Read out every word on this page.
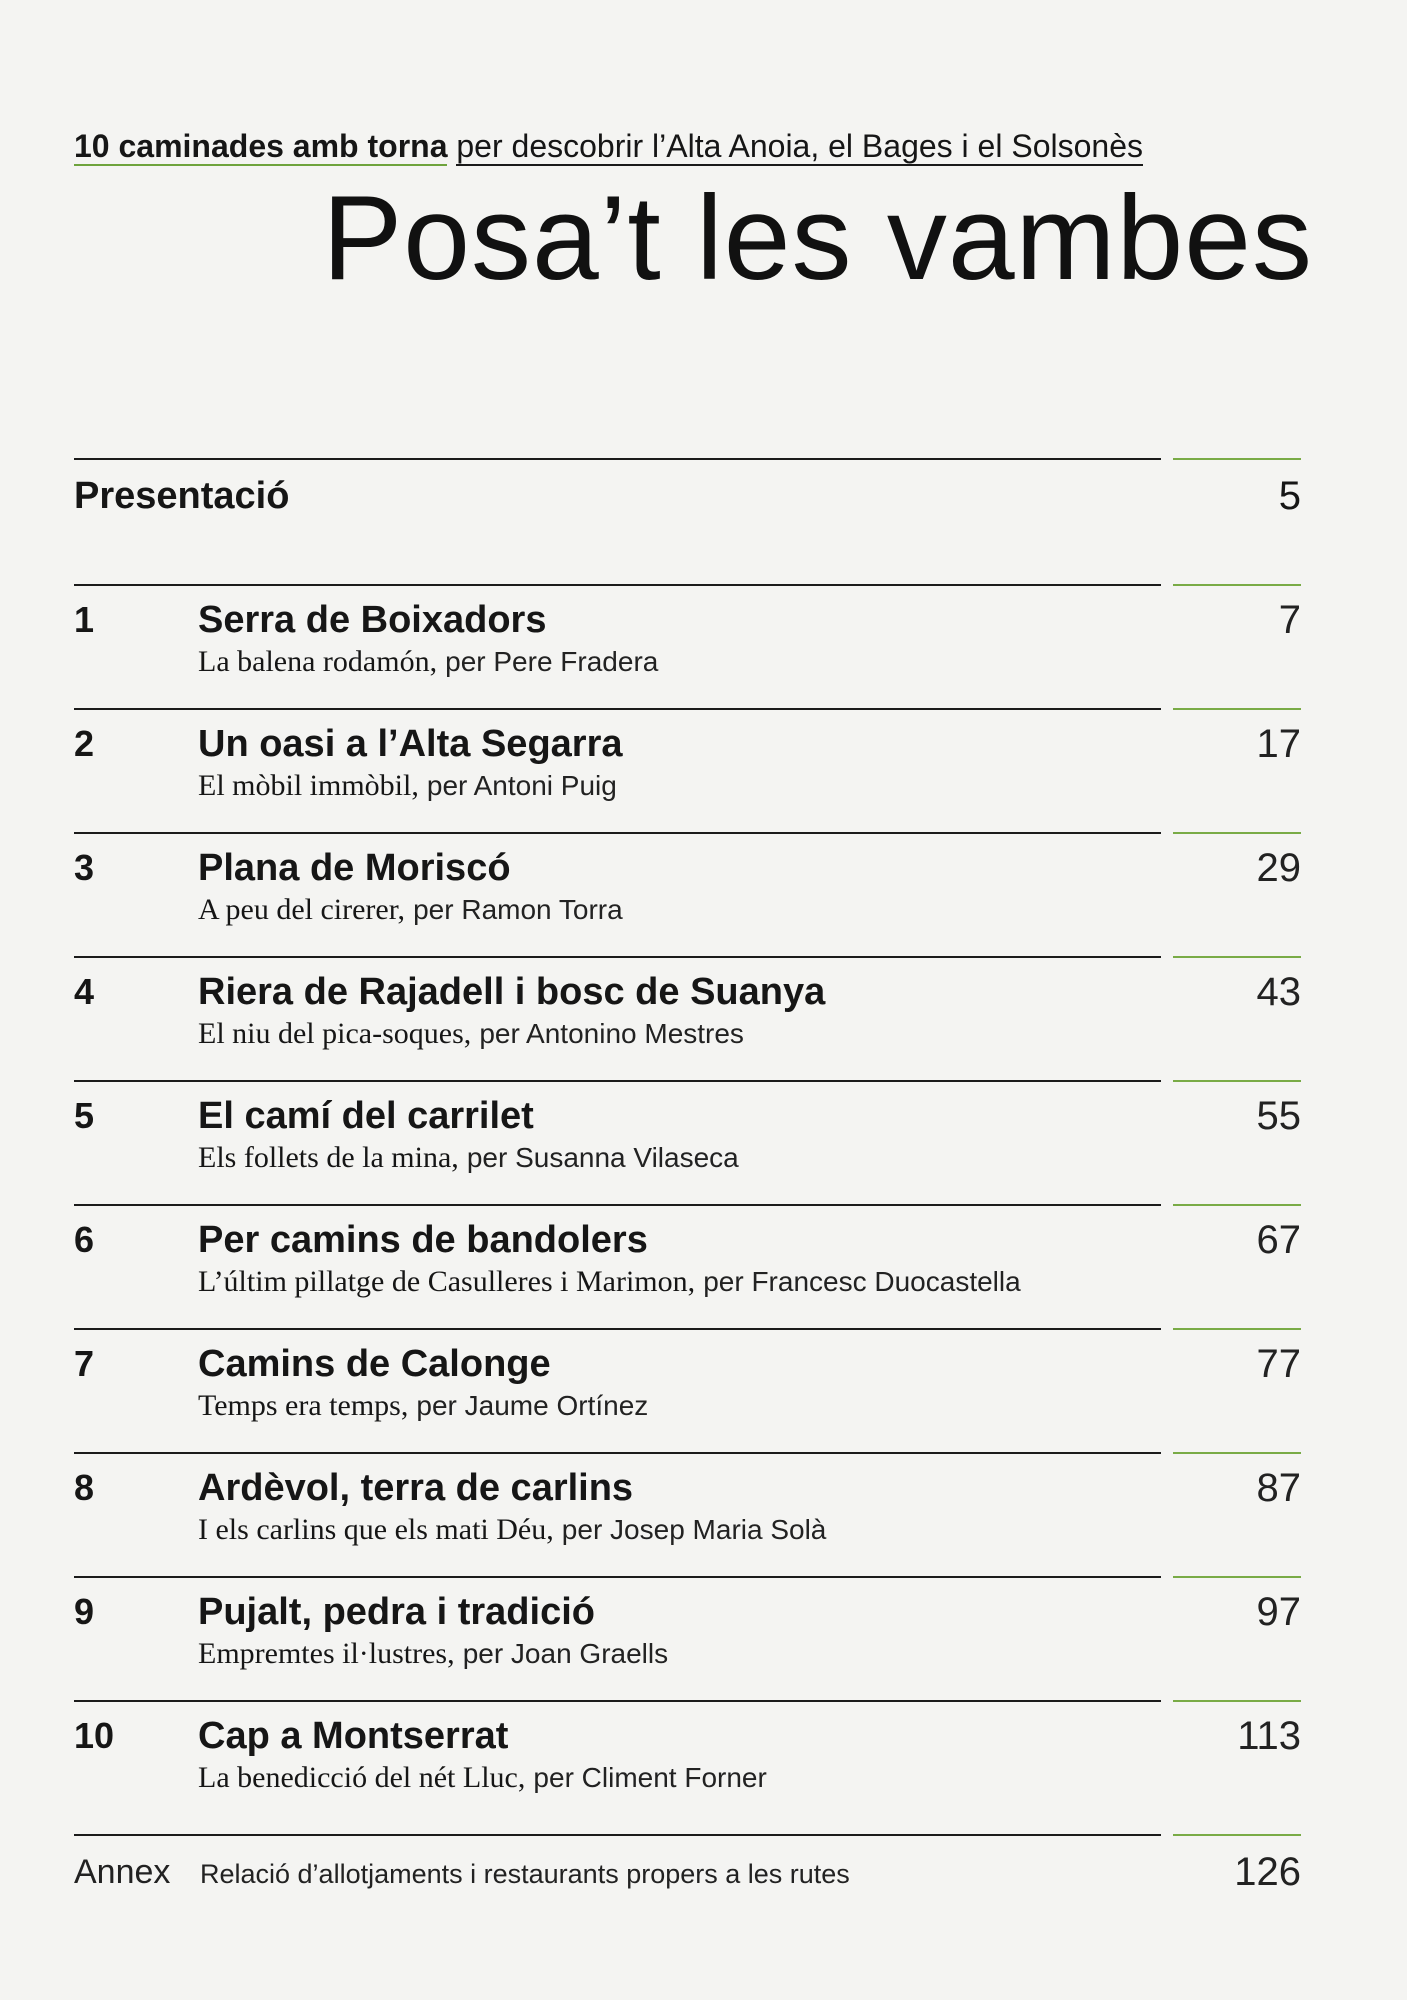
10 caminades amb torna per descobrir l’Alta Anoia, el Bages i el Solsonès
Posa’t les vambes
Presentació	5
1	Serra de Boixadors	7
La balena rodamón, per Pere Fradera
2	Un oasi a l’Alta Segarra	17
El mòbil immòbil, per Antoni Puig
3	Plana de Moriscó	29
A peu del cirerer, per Ramon Torra
4	Riera de Rajadell i bosc de Suanya	43
El niu del pica-soques, per Antonino Mestres
5	El camí del carrilet	55
Els follets de la mina, per Susanna Vilaseca
6	Per camins de bandolers	67
L’últim pillatge de Casulleres i Marimon, per Francesc Duocastella
7	Camins de Calonge	77
Temps era temps, per Jaume Ortínez
8	Ardèvol, terra de carlins	87
I els carlins que els mati Déu, per Josep Maria Solà
9	Pujalt, pedra i tradició	97
Empremtes il·lustres, per Joan Graells
10 Cap a Montserrat	113
La benedicció del nét Lluc, per Climent Forner
Annex Relació d’allotjaments i restaurants propers a les rutes	126
